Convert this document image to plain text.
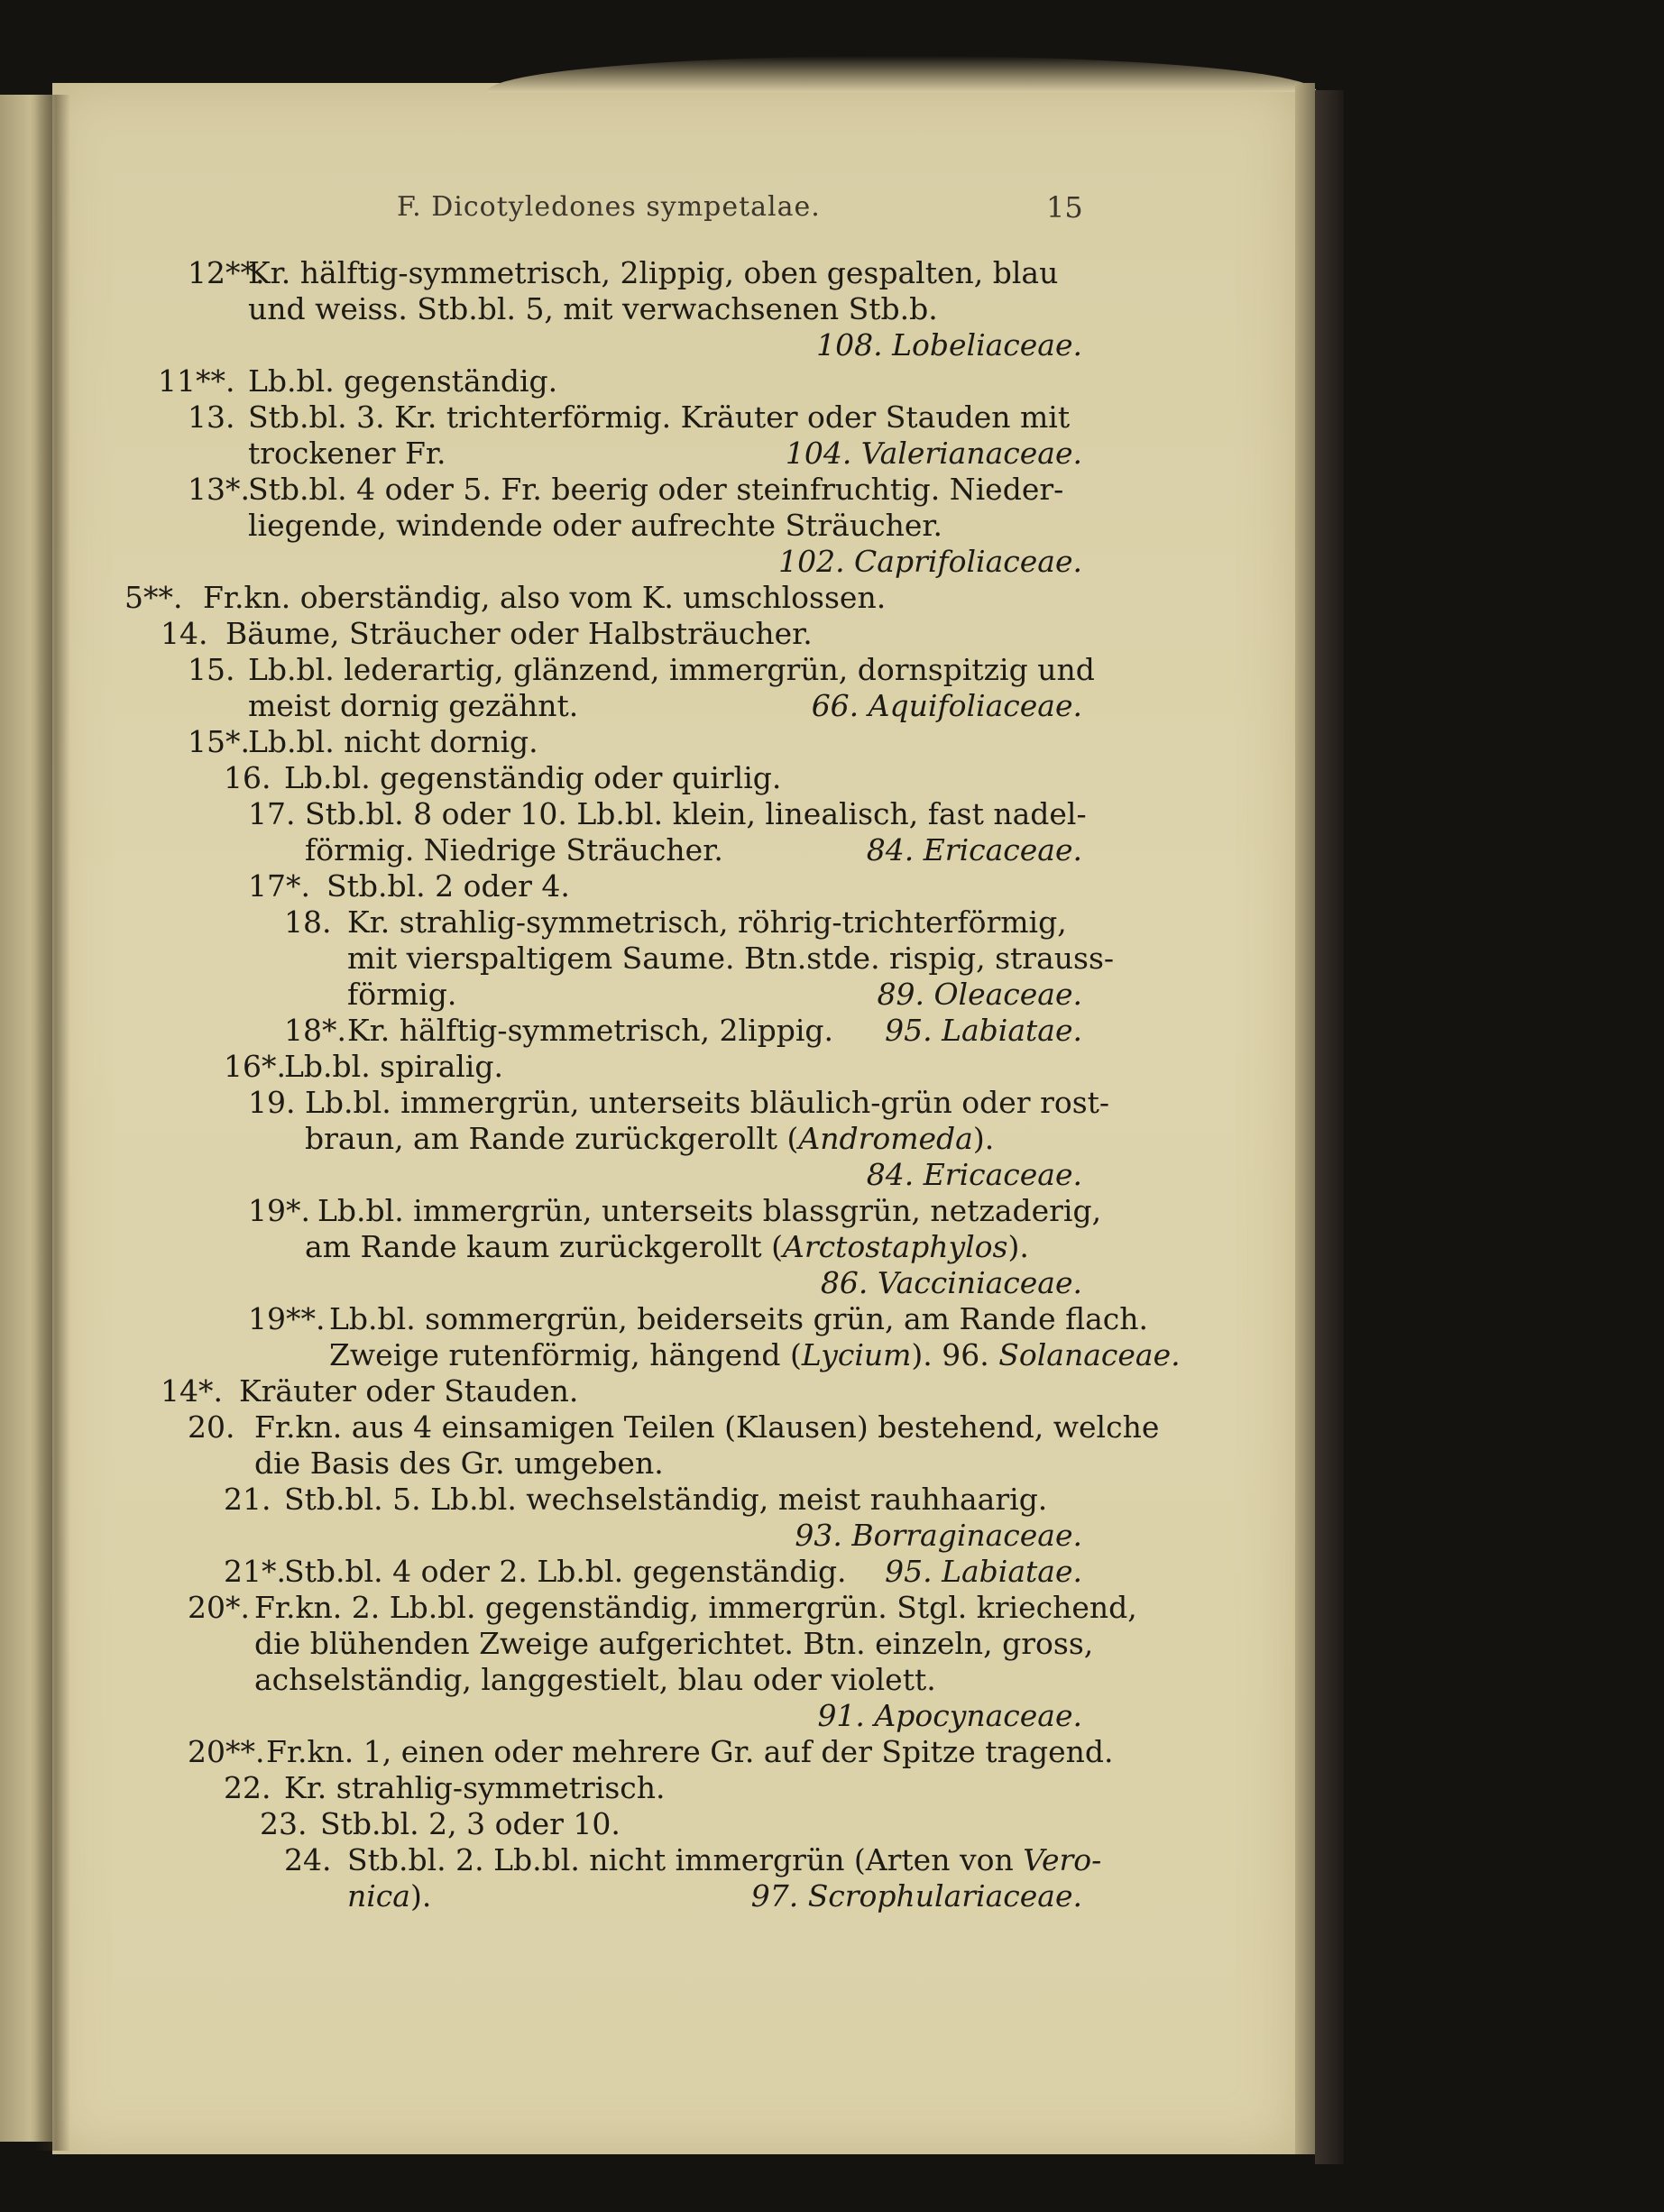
F. Dicotyledones sympetalae.	15
12**.
Kr. hälftig-symmetrisch, 2lippig, oben gespalten, blau
und weiss. Stb.bl. 5, mit verwachsenen Stb.b.
108. Lobeliaceae.
11**. Lb.bl. gegenständig.
13. Stb.bl. 3. Kr. trichterförmig. Kräuter oder Stauden mit
trockener Fr.	104. Valerianaceae.
13*.
Stb.bl. 4 oder 5. Fr. beerig oder steinfruchtig. Nieder-
liegende, windende oder aufrechte Sträucher.
102. Caprifoliaceae.
5**. Fr.kn. oberständig, also vom K. umschlossen.
14. Bäume, Sträucher oder Halbsträucher.
15. Lb.bl. lederartig, glänzend, immergrün, dornspitzig und
meist dornig gezähnt.	66. Aquifoliaceae.
15*.
Lb.bl. nicht dornig.
16. Lb.bl. gegenständig oder quirlig.
17. Stb.bl. 8 oder 10. Lb.bl. klein, linealisch, fast nadel-
förmig. Niedrige Sträucher.	84. Ericaceae.
17*. Stb.bl. 2 oder 4.
18. Kr. strahlig-symmetrisch, röhrig-trichterförmig,
mit vierspaltigem Saume. Btn.stde. rispig, strauss-
förmig.	89. Oleaceae.
18*. Kr. hälftig-symmetrisch, 2lippig. 95. Labiatae.
16*.
Lb.bl. spiralig.
19. Lb.bl. immergrün, unterseits bläulich-grün oder rost-
braun, am Rande zurückgerollt (Andromeda).
84. Ericaceae.
19*. Lb.bl. immergrün, unterseits blassgrün, netzaderig,
am Rande kaum zurückgerollt (Arctostaphylos).
86. Vacciniaceae.
19**. Lb.bl. sommergrün, beiderseits grün, am Rande flach.
Zweige rutenförmig, hängend (Lycium). 96. Solanaceae.
14*. Kräuter oder Stauden.
20. Fr.kn. aus 4 einsamigen Teilen (Klausen) bestehend, welche
die Basis des Gr. umgeben.
21. Stb.bl. 5. Lb.bl. wechselständig, meist rauhhaarig.
93. Borraginaceae.
21*.
Stb.bl. 4 oder 2. Lb.bl. gegenständig. 95. Labiatae.
20*. Fr.kn. 2. Lb.bl. gegenständig, immergrün. Stgl. kriechend,
die blühenden Zweige aufgerichtet. Btn. einzeln, gross,
achselständig, langgestielt, blau oder violett.
91. Apocynaceae.
20**. Fr.kn. 1, einen oder mehrere Gr. auf der Spitze tragend.
22. Kr. strahlig-symmetrisch.
23. Stb.bl. 2, 3 oder 10.
24. Stb.bl. 2. Lb.bl. nicht immergrün (Arten von Vero-
nica).	97. Scrophulariaceae.
